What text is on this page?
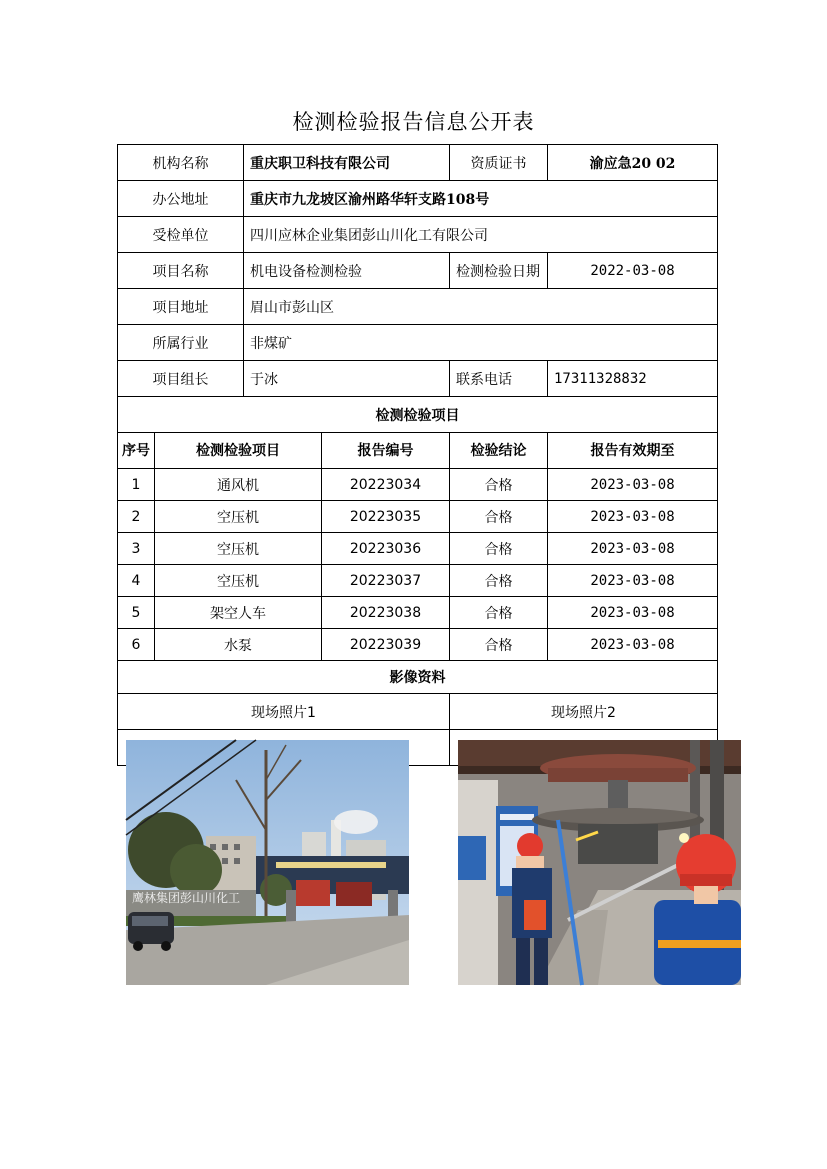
检测检验报告信息公开表
机构名称		重庆职卫科技有限公司		资质证书	渝应急20 02
办公地址		重庆市九龙坡区渝州路华轩支路108号			
受检单位		四川应林企业集团彭山川化工有限公司			
项目名称		机电设备检测检验		检测检验日期	2022-03-08
项目地址		眉山市彭山区			
所属行业		非煤矿			
项目组长		于冰		联系电话	17311328832
检测检验项目					
序号	检测检验项目		报告编号	检验结论	报告有效期至
1	通风机		20223034	合格	2023-03-08
2	空压机		20223035	合格	2023-03-08
3	空压机		20223036	合格	2023-03-08
4	空压机		20223037	合格	2023-03-08
5	架空人车		20223038	合格	2023-03-08
6	水泵		20223039	合格	2023-03-08
影像资料					
现场照片1				现场照片2	

鹰林集团彭山川化工
